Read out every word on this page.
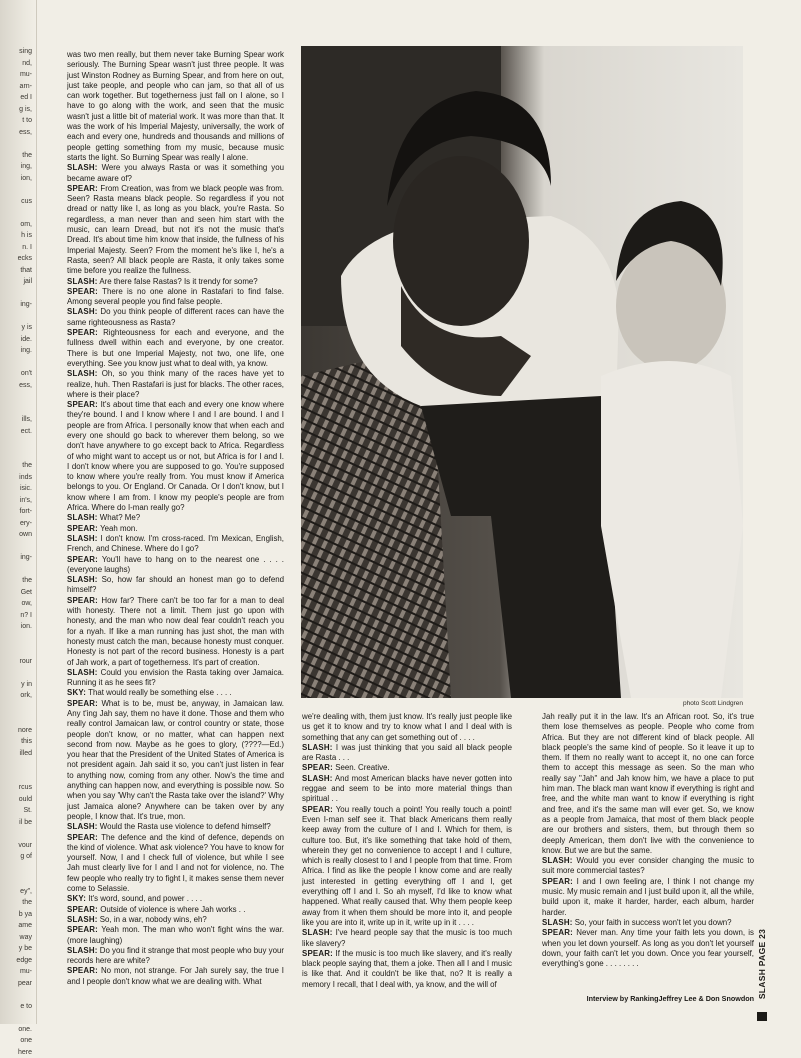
sing
nd,
mu-
arn-
ed I
g is,
t to
ess,
the
ing,
ion,
cus
om,
h is
n. I
ecks
that
jail
ing-
y is
ide.
ing.
on't
ess,
ills,
ect.
the
inds
isic.
in's,
fort-
ery-
own
ing-
the
Get
ow,
n? I
ion.
rour
y in
ork,
nore
this
illed
rcus
ould
St.
il be
vour
g of
ey",
the
b ya
ame
way
y be
edge
mu-
pear
e to
one.
one
here

was two men really, but them never take Burning Spear work seriously. The Burning Spear wasn't just three people. It was just Winston Rodney as Burning Spear, and from here on out, just take people, and people who can jam, so that all of us can work together. But togetherness just fall on I alone, so I have to go along with the work, and seen that the music wasn't just a little bit of material work. It was more than that. It was the work of his Imperial Majesty, universally, the work of each and every one, hundreds and thousands and millions of people getting something from my music, because music starts the light. So Burning Spear was really I alone.

SLASH: Were you always Rasta or was it something you became aware of?

SPEAR: From Creation, was from we black people was from. Seen? Rasta means black people. So regardless if you not dread or natty like I, as long as you black, you're Rasta. So regardless, a man never than and seen him start with the music, can learn Dread, but not it's not the music that's Dread. It's about time him know that inside, the fullness of his Imperial Majesty. Seen? From the moment he's like I, he's a Rasta, seen? All black people are Rasta, it only takes some time before you realize the fullness.

SLASH: Are there false Rastas? Is it trendy for some?

SPEAR: There is no one alone in Rastafari to find false. Among several people you find false people.

SLASH: Do you think people of different races can have the same righteousness as Rasta?

SPEAR: Righteousness for each and everyone, and the fullness dwell within each and everyone, by one creator. There is but one Imperial Majesty, not two, one life, one everything. See you know just what to deal with, ya know.

SLASH: Oh, so you think many of the races have yet to realize, huh. Then Rastafari is just for blacks. The other races, where is their place?

SPEAR: It's about time that each and every one know where they're bound. I and I know where I and I are bound. I and I people are from Africa. I personally know that when each and every one should go back to wherever them belong, so we don't have anywhere to go except back to Africa. Regardless of who might want to accept us or not, but Africa is for I and I. I don't know where you are supposed to go. You're supposed to know where you're really from. You must know if America belongs to you. Or England. Or Canada. Or I don't know, but I know where I am from. I know my people's people are from Africa. Where do I-man really go?

SLASH: What? Me?

SPEAR: Yeah mon.

SLASH: I don't know. I'm cross-raced. I'm Mexican, English, French, and Chinese. Where do I go?

SPEAR: You'll have to hang on to the nearest one . . . . (everyone laughs)

SLASH: So, how far should an honest man go to defend himself?

SPEAR: How far? There can't be too far for a man to deal with honesty. There not a limit. Them just go upon with honesty, and the man who now deal fear couldn't reach you for a nyah. If like a man running has just shot, the man with honesty must catch the man, because honesty must conquer. Honesty is not part of the record business. Honesty is a part of Jah work, a part of togetherness. It's part of creation.

SLASH: Could you envision the Rasta taking over Jamaica. Running it as he sees fit?

SKY: That would really be something else . . . .

SPEAR: What is to be, must be, anyway, in Jamaican law. Any t'ing Jah say, them no have it done. Those and them who really control Jamaican law, or control country or state, those people don't know, or no matter, what can happen next second from now. Maybe as he goes to glory, (????—Ed.) you hear that the President of the United States of America is not president again. Jah said it so, you can't just listen in fear to anything now, coming from any other. Now's the time and anything can happen now, and everything is possible now. So when you say 'Why can't the Rasta take over the island?' Why just Jamaica alone? Anywhere can be taken over by any people, I know that. It's true, mon.

SLASH: Would the Rasta use violence to defend himself?

SPEAR: The defence and the kind of defence, depends on the kind of violence. What ask violence? You have to know for yourself. Now, I and I check full of violence, but while I see Jah must clearly live for I and I and not for violence, no. The few people who really try to fight I, it makes sense them never come to Selassie.

SKY: It's word, sound, and power . . . .

SPEAR: Outside of violence is where Jah works . .

SLASH: So, in a war, nobody wins, eh?

SPEAR: Yeah mon. The man who won't fight wins the war. (more laughing)

SLASH: Do you find it strange that most people who buy your records here are white?

SPEAR: No mon, not strange. For Jah surely say, the true I and I people don't know what we are dealing with. What

photo Scott Lindgren

we're dealing with, them just know. It's really just people like us get it to know and try to know what I and I deal with is something that any can get something out of . . . .

SLASH: I was just thinking that you said all black people are Rasta . . .

SPEAR: Seen. Creative.

SLASH: And most American blacks have never gotten into reggae and seem to be into more material things than spiritual . .

SPEAR: You really touch a point! You really touch a point! Even I-man self see it. That black Americans them really keep away from the culture of I and I. Which for them, is culture too. But, it's like something that take hold of them, wherein they get no convenience to accept I and I culture, which is really closest to I and I people from that time. From Africa. I find as like the people I know come and are really just interested in getting everything off I and I, get everything off I and I. So ah myself, I'd like to know what happened. What really caused that. Why them people keep away from it when them should be more into it, and people like you are into it, write up in it, write up in it . . . .

SLASH: I've heard people say that the music is too much like slavery?

SPEAR: If the music is too much like slavery, and it's really black people saying that, them a joke. Then all I and I music is like that. And it couldn't be like that, no? It is really a memory I recall, that I deal with, ya know, and the will of

Jah really put it in the law. It's an African root. So, it's true them lose themselves as people. People who come from Africa. But they are not different kind of black people. All black people's the same kind of people. So it leave it up to them. If them no really want to accept it, no one can force them to accept this message as seen. So the man who really say "Jah" and Jah know him, we have a place to put him man. The black man want know if everything is right and free, and the white man want to know if everything is right and free, and it's the same man will ever get. So, we know as a people from Jamaica, that most of them black people are our brothers and sisters, them, but through them so deeply American, them don't live with the convenience to know. But we are but the same.

SLASH: Would you ever consider changing the music to suit more commercial tastes?

SPEAR: I and I own feeling are, I think I not change my music. My music remain and I just build upon it, all the while, build upon it, make it harder, harder, each album, harder harder.

SLASH: So, your faith in success won't let you down?

SPEAR: Never man. Any time your faith lets you down, is when you let down yourself. As long as you don't let yourself down, your faith can't let you down. Once you fear yourself, everything's gone . . . . . . . .

Interview by RankingJeffrey Lee & Don Snowdon SLASH PAGE 23
